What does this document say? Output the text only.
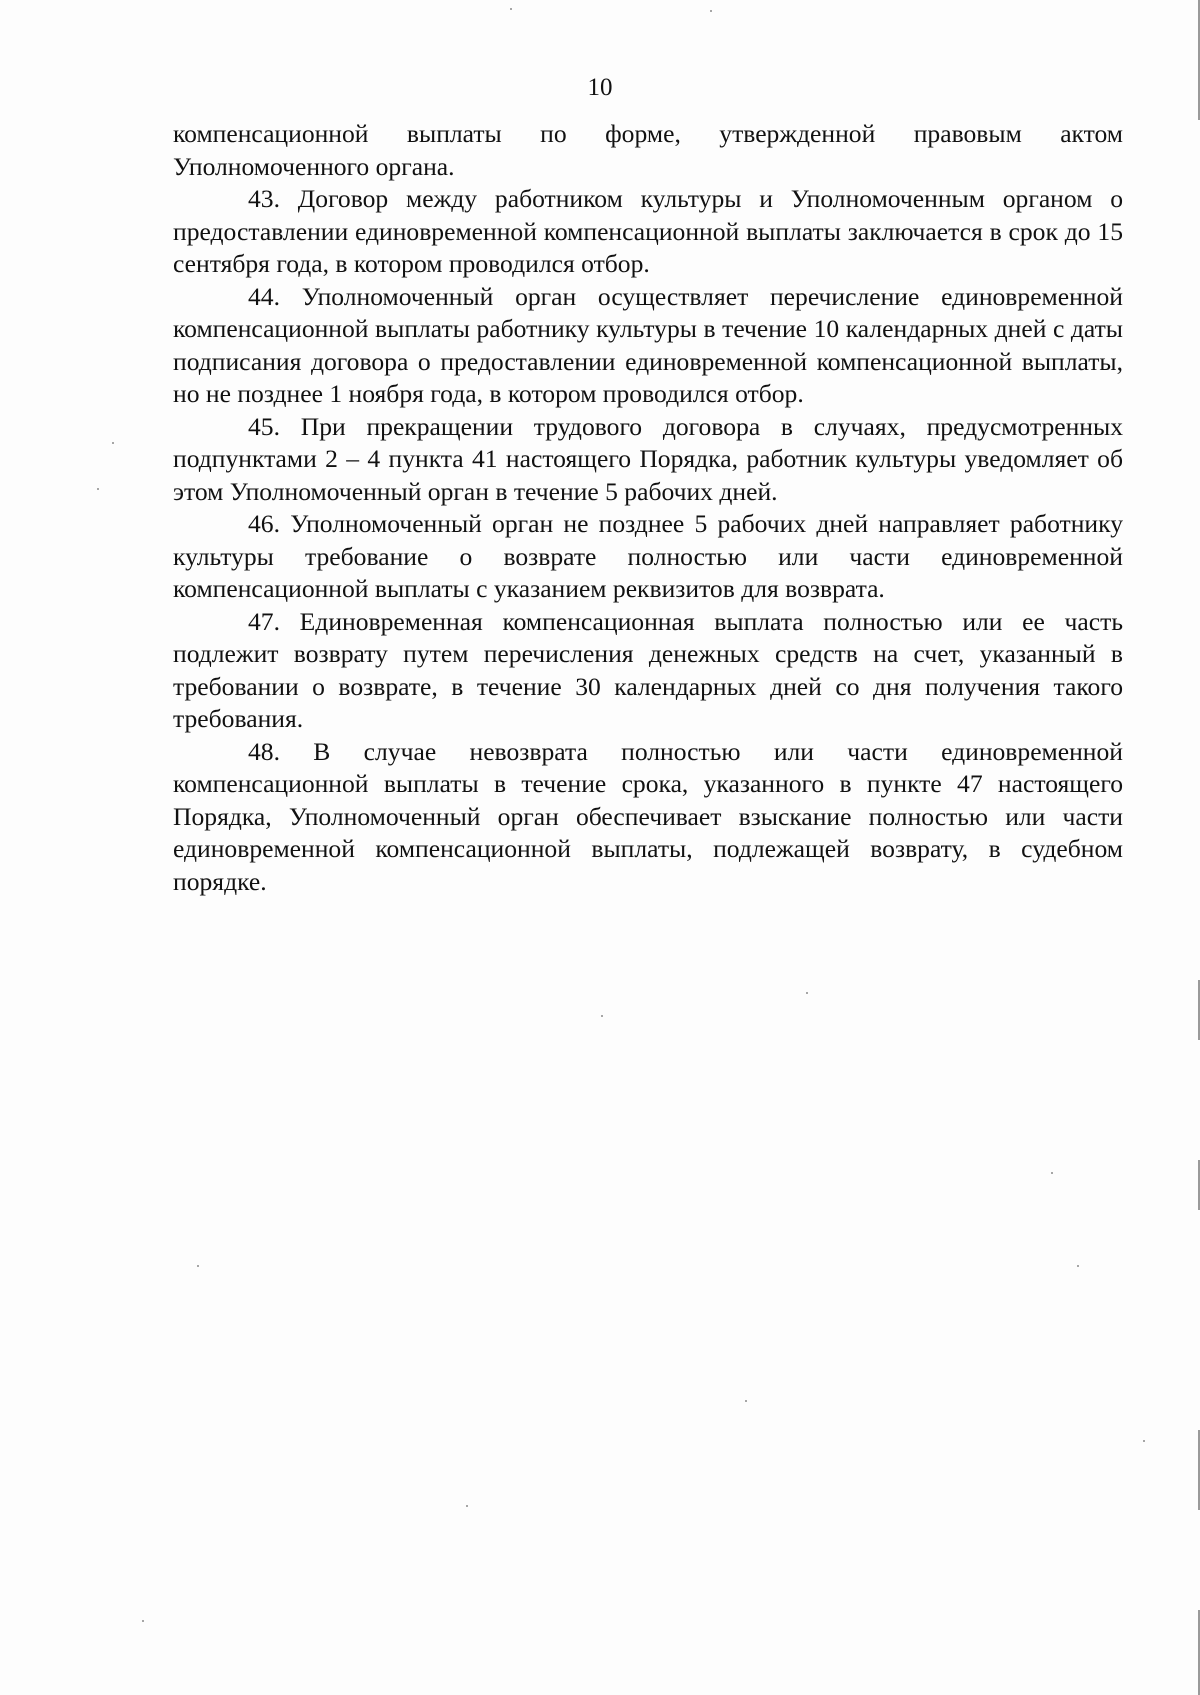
10

компенсационной выплаты по форме, утвержденной правовым актом Уполномоченного органа.

43. Договор между работником культуры и Уполномоченным органом о предоставлении единовременной компенсационной выплаты заключается в срок до 15 сентября года, в котором проводился отбор.

44. Уполномоченный орган осуществляет перечисление единовременной компенсационной выплаты работнику культуры в течение 10 календарных дней с даты подписания договора о предоставлении единовременной компенсационной выплаты, но не позднее 1 ноября года, в котором проводился отбор.

45. При прекращении трудового договора в случаях, предусмотренных подпунктами 2 – 4 пункта 41 настоящего Порядка, работник культуры уведомляет об этом Уполномоченный орган в течение 5 рабочих дней.

46. Уполномоченный орган не позднее 5 рабочих дней направляет работнику культуры требование о возврате полностью или части единовременной компенсационной выплаты с указанием реквизитов для возврата.

47. Единовременная компенсационная выплата полностью или ее часть подлежит возврату путем перечисления денежных средств на счет, указанный в требовании о возврате, в течение 30 календарных дней со дня получения такого требования.

48. В случае невозврата полностью или части единовременной компенсационной выплаты в течение срока, указанного в пункте 47 настоящего Порядка, Уполномоченный орган обеспечивает взыскание полностью или части единовременной компенсационной выплаты, подлежащей возврату, в судебном порядке.
